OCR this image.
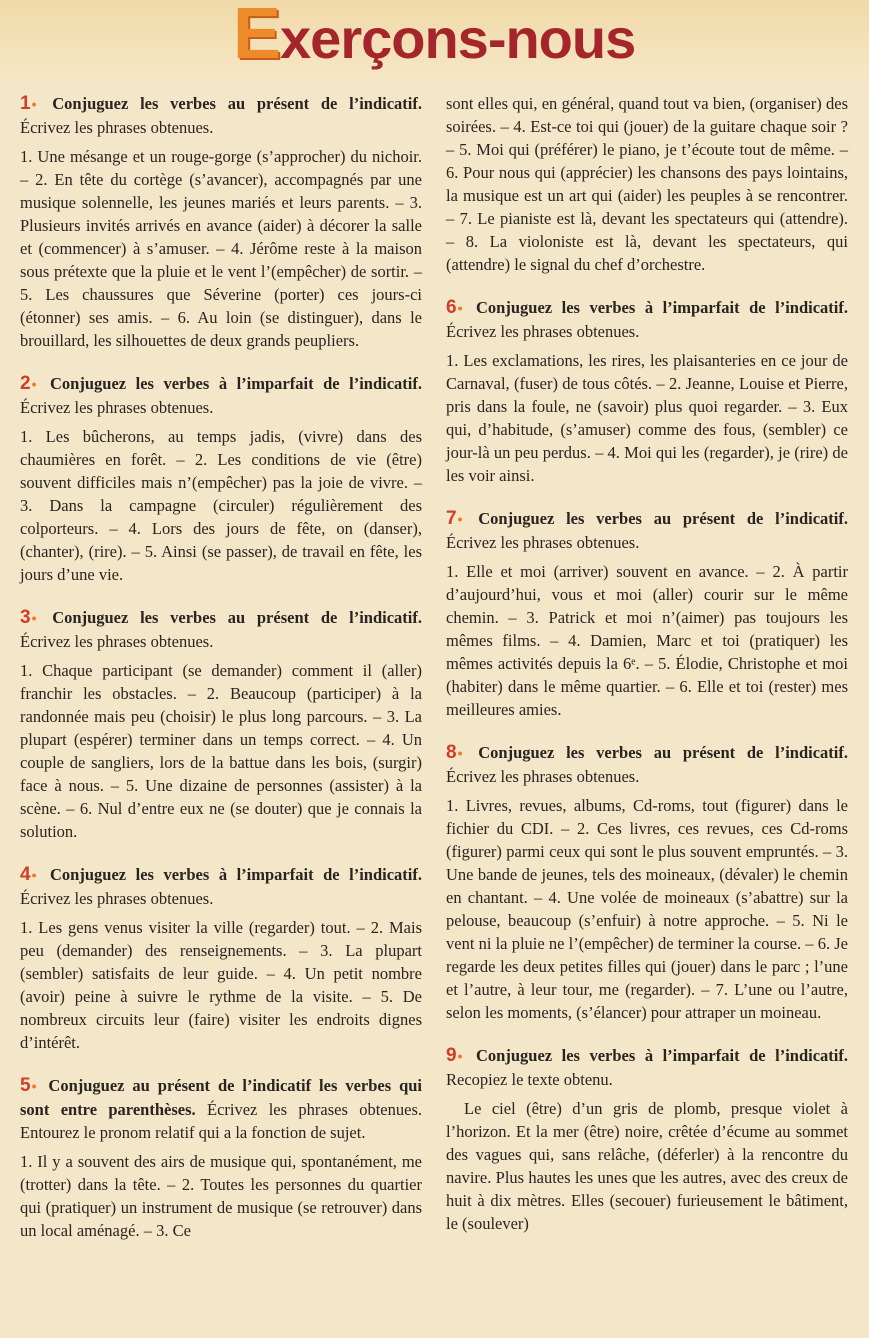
Exerçons-nous
1 • Conjuguez les verbes au présent de l’indicatif. Écrivez les phrases obtenues.
1. Une mésange et un rouge-gorge (s’approcher) du nichoir. – 2. En tête du cortège (s’avancer), accompagnés par une musique solennelle, les jeunes mariés et leurs parents. – 3. Plusieurs invités arrivés en avance (aider) à décorer la salle et (commencer) à s’amuser. – 4. Jérôme reste à la maison sous prétexte que la pluie et le vent l’(empêcher) de sortir. – 5. Les chaussures que Séverine (porter) ces jours-ci (étonner) ses amis. – 6. Au loin (se distinguer), dans le brouillard, les silhouettes de deux grands peupliers.
2 • Conjuguez les verbes à l’imparfait de l’indicatif. Écrivez les phrases obtenues.
1. Les bûcherons, au temps jadis, (vivre) dans des chaumières en forêt. – 2. Les conditions de vie (être) souvent difficiles mais n’(empêcher) pas la joie de vivre. – 3. Dans la campagne (circuler) régulièrement des colporteurs. – 4. Lors des jours de fête, on (danser), (chanter), (rire). – 5. Ainsi (se passer), de travail en fête, les jours d’une vie.
3 • Conjuguez les verbes au présent de l’indicatif. Écrivez les phrases obtenues.
1. Chaque participant (se demander) comment il (aller) franchir les obstacles. – 2. Beaucoup (participer) à la randonnée mais peu (choisir) le plus long parcours. – 3. La plupart (espérer) terminer dans un temps correct. – 4. Un couple de sangliers, lors de la battue dans les bois, (surgir) face à nous. – 5. Une dizaine de personnes (assister) à la scène. – 6. Nul d’entre eux ne (se douter) que je connais la solution.
4 • Conjuguez les verbes à l’imparfait de l’indicatif. Écrivez les phrases obtenues.
1. Les gens venus visiter la ville (regarder) tout. – 2. Mais peu (demander) des renseignements. – 3. La plupart (sembler) satisfaits de leur guide. – 4. Un petit nombre (avoir) peine à suivre le rythme de la visite. – 5. De nombreux circuits leur (faire) visiter les endroits dignes d’intérêt.
5 • Conjuguez au présent de l’indicatif les verbes qui sont entre parenthèses. Écrivez les phrases obtenues. Entourez le pronom relatif qui a la fonction de sujet.
1. Il y a souvent des airs de musique qui, spontanément, me (trotter) dans la tête. – 2. Toutes les personnes du quartier qui (pratiquer) un instrument de musique (se retrouver) dans un local aménagé. – 3. Ce
sont elles qui, en général, quand tout va bien, (organiser) des soirées. – 4. Est-ce toi qui (jouer) de la guitare chaque soir ? – 5. Moi qui (préférer) le piano, je t’écoute tout de même. – 6. Pour nous qui (apprécier) les chansons des pays lointains, la musique est un art qui (aider) les peuples à se rencontrer. – 7. Le pianiste est là, devant les spectateurs qui (attendre). – 8. La violoniste est là, devant les spectateurs, qui (attendre) le signal du chef d’orchestre.
6 • Conjuguez les verbes à l’imparfait de l’indicatif. Écrivez les phrases obtenues.
1. Les exclamations, les rires, les plaisanteries en ce jour de Carnaval, (fuser) de tous côtés. – 2. Jeanne, Louise et Pierre, pris dans la foule, ne (savoir) plus quoi regarder. – 3. Eux qui, d’habitude, (s’amuser) comme des fous, (sembler) ce jour-là un peu perdus. – 4. Moi qui les (regarder), je (rire) de les voir ainsi.
7 • Conjuguez les verbes au présent de l’indicatif. Écrivez les phrases obtenues.
1. Elle et moi (arriver) souvent en avance. – 2. À partir d’aujourd’hui, vous et moi (aller) courir sur le même chemin. – 3. Patrick et moi n’(aimer) pas toujours les mêmes films. – 4. Damien, Marc et toi (pratiquer) les mêmes activités depuis la 6ᵉ. – 5. Élodie, Christophe et moi (habiter) dans le même quartier. – 6. Elle et toi (rester) mes meilleures amies.
8 • Conjuguez les verbes au présent de l’indicatif. Écrivez les phrases obtenues.
1. Livres, revues, albums, Cd-roms, tout (figurer) dans le fichier du CDI. – 2. Ces livres, ces revues, ces Cd-roms (figurer) parmi ceux qui sont le plus souvent empruntés. – 3. Une bande de jeunes, tels des moineaux, (dévaler) le chemin en chantant. – 4. Une volée de moineaux (s’abattre) sur la pelouse, beaucoup (s’enfuir) à notre approche. – 5. Ni le vent ni la pluie ne l’(empêcher) de terminer la course. – 6. Je regarde les deux petites filles qui (jouer) dans le parc ; l’une et l’autre, à leur tour, me (regarder). – 7. L’une ou l’autre, selon les moments, (s’élancer) pour attraper un moineau.
9 • Conjuguez les verbes à l’imparfait de l’indicatif. Recopiez le texte obtenu.
Le ciel (être) d’un gris de plomb, presque violet à l’horizon. Et la mer (être) noire, crêtée d’écume au sommet des vagues qui, sans relâche, (déferler) à la rencontre du navire. Plus hautes les unes que les autres, avec des creux de huit à dix mètres. Elles (secouer) furieusement le bâtiment, le (soulever)
